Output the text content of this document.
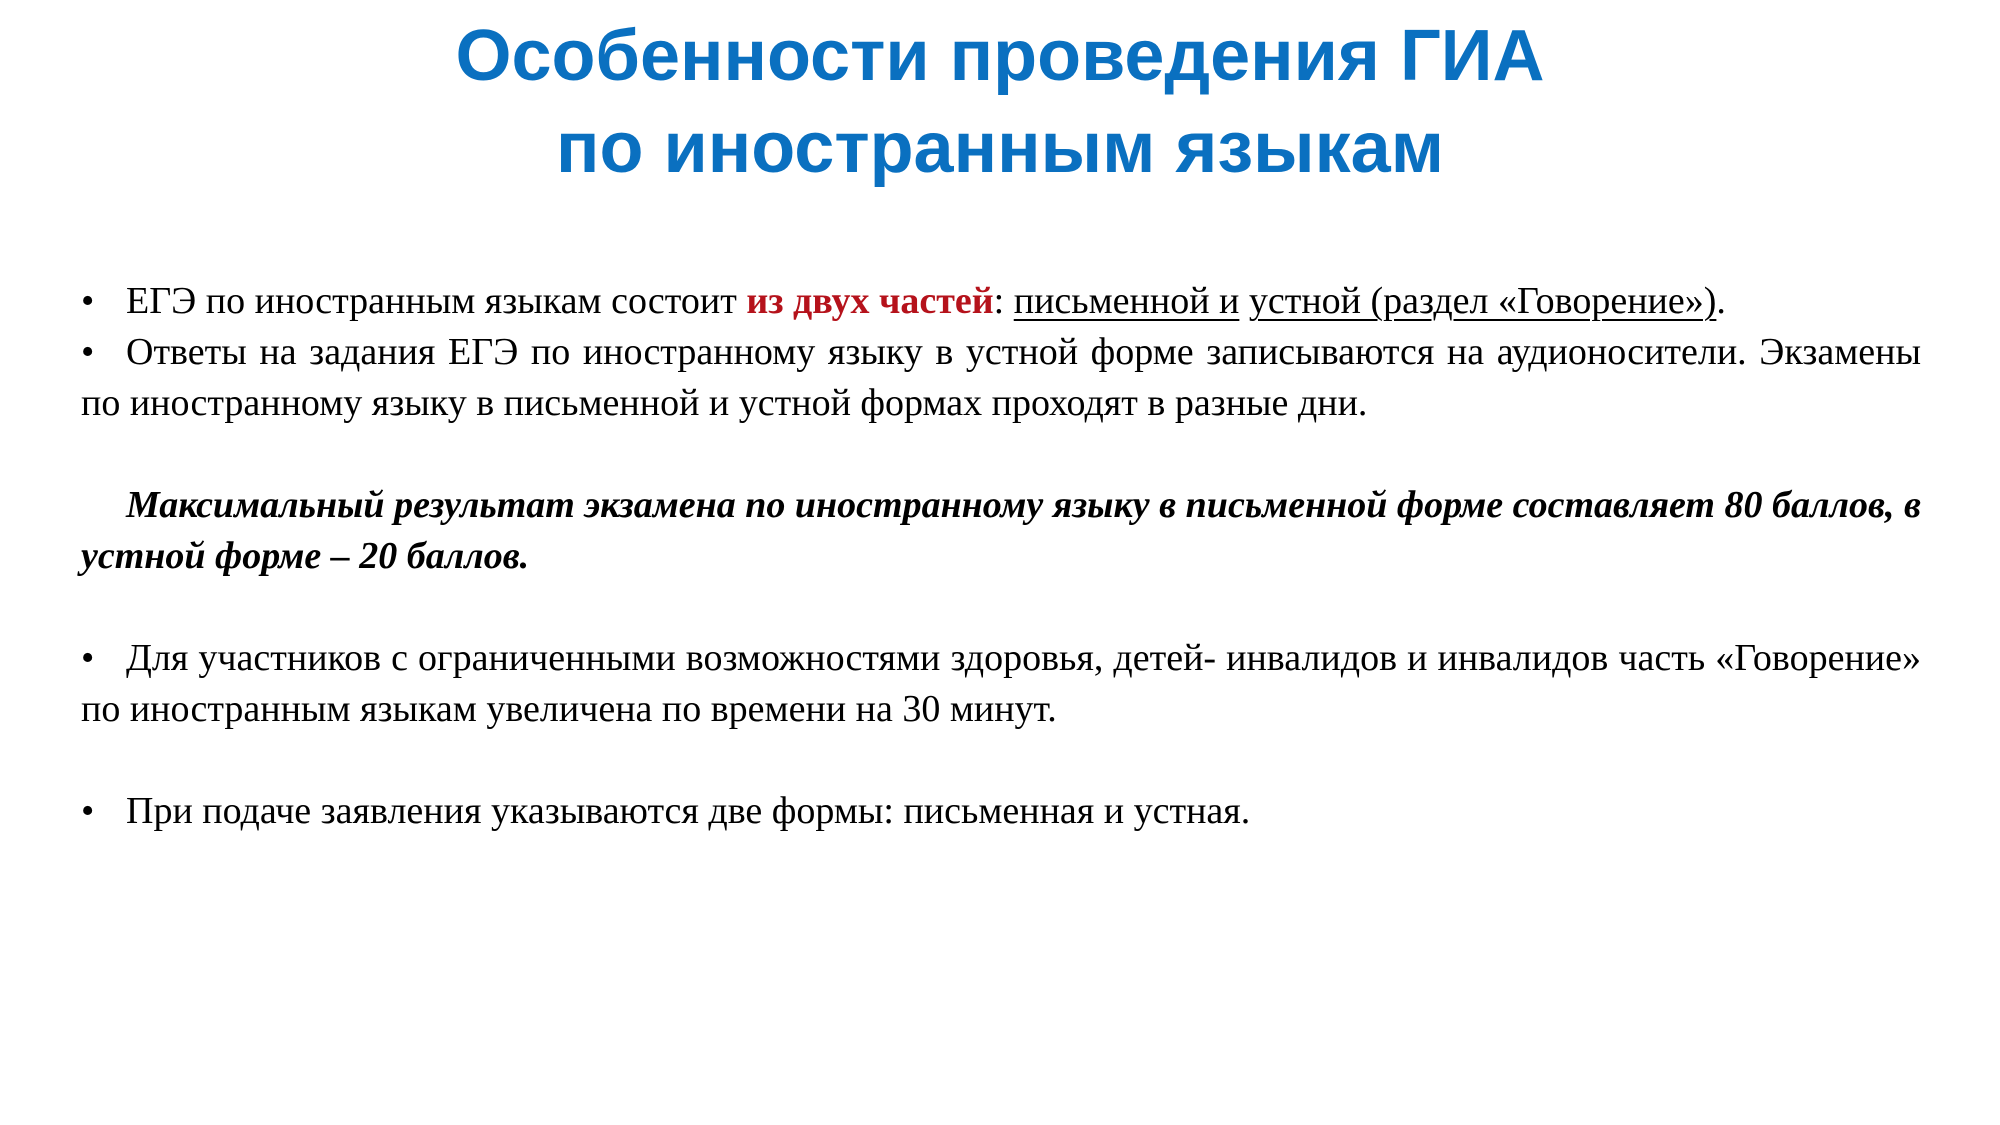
Особенности проведения ГИА
по иностранным языкам

• ЕГЭ по иностранным языкам состоит из двух частей: письменной и устной (раздел «Говорение»).

• Ответы на задания ЕГЭ по иностранному языку в устной форме записываются на аудионосители. Экзамены по иностранному языку в письменной и устной формах проходят в разные дни.

Максимальный результат экзамена по иностранному языку в письменной форме составляет 80 баллов, в устной форме – 20 баллов.

• Для участников с ограниченными возможностями здоровья, детей- инвалидов и инвалидов часть «Говорение» по иностранным языкам увеличена по времени на 30 минут.

• При подаче заявления указываются две формы: письменная и устная.
